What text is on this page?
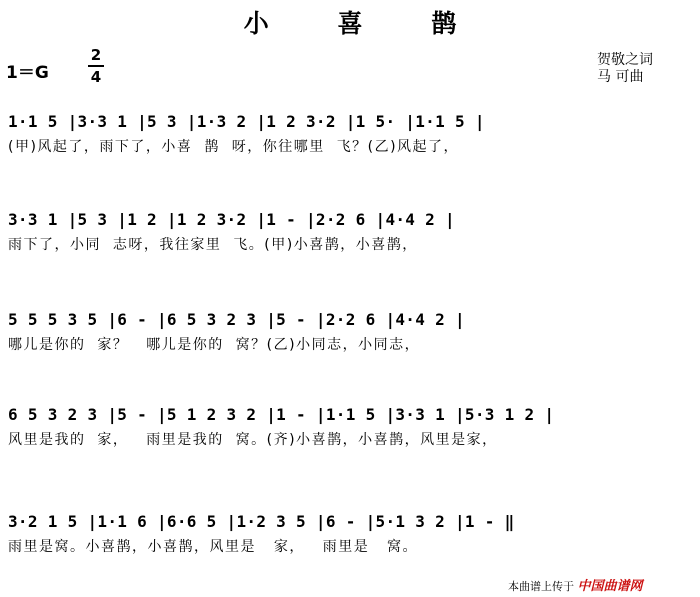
小 喜 鹊
1＝G
2
4
贺敬之词
马 可曲
1·1 5 |3·3 1 |5 3 |1·3 2 |1 2 3·2 |1 5· |1·1 5 |
(甲)风起了，雨下了，小喜  鹊  呀，你往哪里  飞？(乙)风起了，
3·3 1 |5 3 |1 2 |1 2 3·2 |1 - |2·2 6 |4·4 2 |
雨下了，小同  志呀，我往家里  飞。(甲)小喜鹊，小喜鹊，
5 5 5 3 5 |6 - |6 5 3 2 3 |5 - |2·2 6 |4·4 2 |
哪儿是你的  家？   哪儿是你的  窝？(乙)小同志，小同志，
6 5 3 2 3 |5 - |5 1 2 3 2 |1 - |1·1 5 |3·3 1 |5·3 1 2 |
风里是我的  家，   雨里是我的  窝。(齐)小喜鹊，小喜鹊，风里是家，
3·2 1 5 |1·1 6 |6·6 5 |1·2 3 5 |6 - |5·1 3 2 |1 - ‖
雨里是窝。小喜鹊，小喜鹊，风里是   家，   雨里是   窝。
本曲谱上传于 中国曲谱网
